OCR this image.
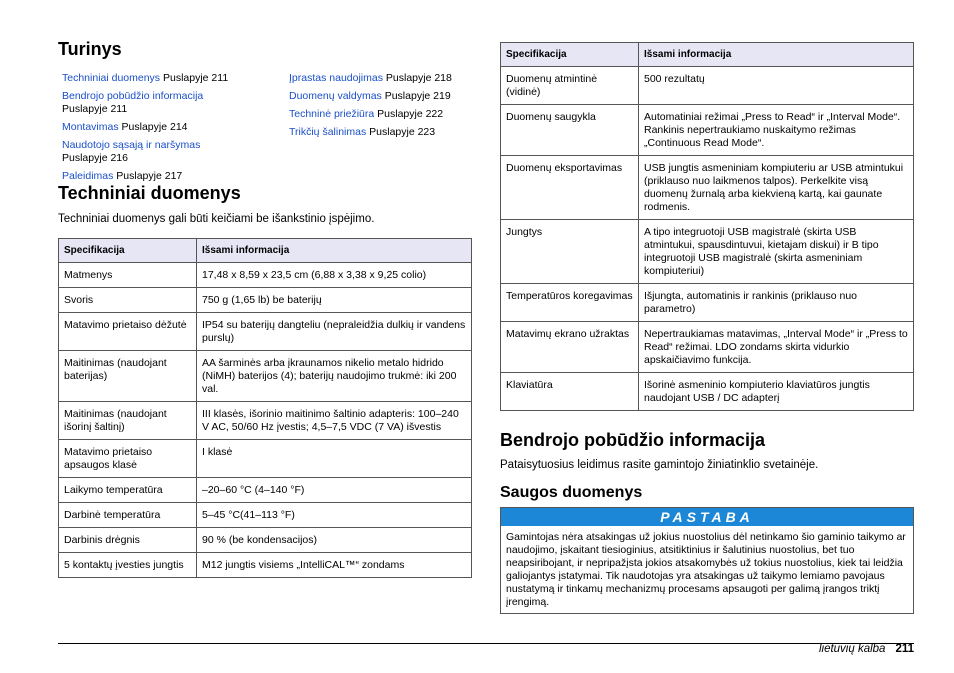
Turinys
Techniniai duomenys Puslapyje 211
Bendrojo pobūdžio informacija
Puslapyje 211
Montavimas Puslapyje 214
Naudotojo sąsają ir naršymas
Puslapyje 216
Paleidimas Puslapyje 217
Įprastas naudojimas Puslapyje 218
Duomenų valdymas Puslapyje 219
Techninė priežiūra Puslapyje 222
Trikčių šalinimas Puslapyje 223
Techniniai duomenys
Techniniai duomenys gali būti keičiami be išankstinio įspėjimo.
Specifikacija	Išsami informacija
Matmenys	17,48 x 8,59 x 23,5 cm (6,88 x 3,38 x 9,25 colio)
Svoris	750 g (1,65 lb) be baterijų
Matavimo prietaiso dėžutė	IP54 su baterijų dangteliu (nepraleidžia dulkių ir vandens purslų)
Maitinimas (naudojant baterijas)	AA šarminės arba įkraunamos nikelio metalo hidrido (NiMH) baterijos (4); baterijų naudojimo trukmė: iki 200 val.
Maitinimas (naudojant išorinį šaltinį)	III klasės, išorinio maitinimo šaltinio adapteris: 100–240 V AC, 50/60 Hz įvestis; 4,5–7,5 VDC (7 VA) išvestis
Matavimo prietaiso apsaugos klasė	I klasė
Laikymo temperatūra	–20–60 °C (4–140 °F)
Darbinė temperatūra	5–45 °C(41–113 °F)
Darbinis drėgnis	90 % (be kondensacijos)
5 kontaktų įvesties jungtis	M12 jungtis visiems „IntelliCAL™“ zondams
Specifikacija	Išsami informacija
Duomenų atmintinė (vidinė)	500 rezultatų
Duomenų saugykla	Automatiniai režimai „Press to Read“ ir „Interval Mode“. Rankinis nepertraukiamo nuskaitymo režimas „Continuous Read Mode“.
Duomenų eksportavimas	USB jungtis asmeniniam kompiuteriu ar USB atmintukui (priklauso nuo laikmenos talpos). Perkelkite visą duomenų žurnalą arba kiekvieną kartą, kai gaunate rodmenis.
Jungtys	A tipo integruotoji USB magistralė (skirta USB atmintukui, spausdintuvui, kietajam diskui) ir B tipo integruotoji USB magistralė (skirta asmeniniam kompiuteriui)
Temperatūros koregavimas	Išjungta, automatinis ir rankinis (priklauso nuo parametro)
Matavimų ekrano užraktas	Nepertraukiamas matavimas, „Interval Mode“ ir „Press to Read“ režimai. LDO zondams skirta vidurkio apskaičiavimo funkcija.
Klaviatūra	Išorinė asmeninio kompiuterio klaviatūros jungtis naudojant USB / DC adapterį
Bendrojo pobūdžio informacija
Pataisytuosius leidimus rasite gamintojo žiniatinklio svetainėje.
Saugos duomenys
PASTABA
Gamintojas nėra atsakingas už jokius nuostolius dėl netinkamo šio gaminio taikymo ar naudojimo, įskaitant tiesioginius, atsitiktinius ir šalutinius nuostolius, bet tuo neapsiribojant, ir nepripažįsta jokios atsakomybės už tokius nuostolius, kiek tai leidžia galiojantys įstatymai. Tik naudotojas yra atsakingas už taikymo lemiamo pavojaus nustatymą ir tinkamų mechanizmų procesams apsaugoti per galimą įrangos triktį įrengimą.
lietuvių kalba 211
